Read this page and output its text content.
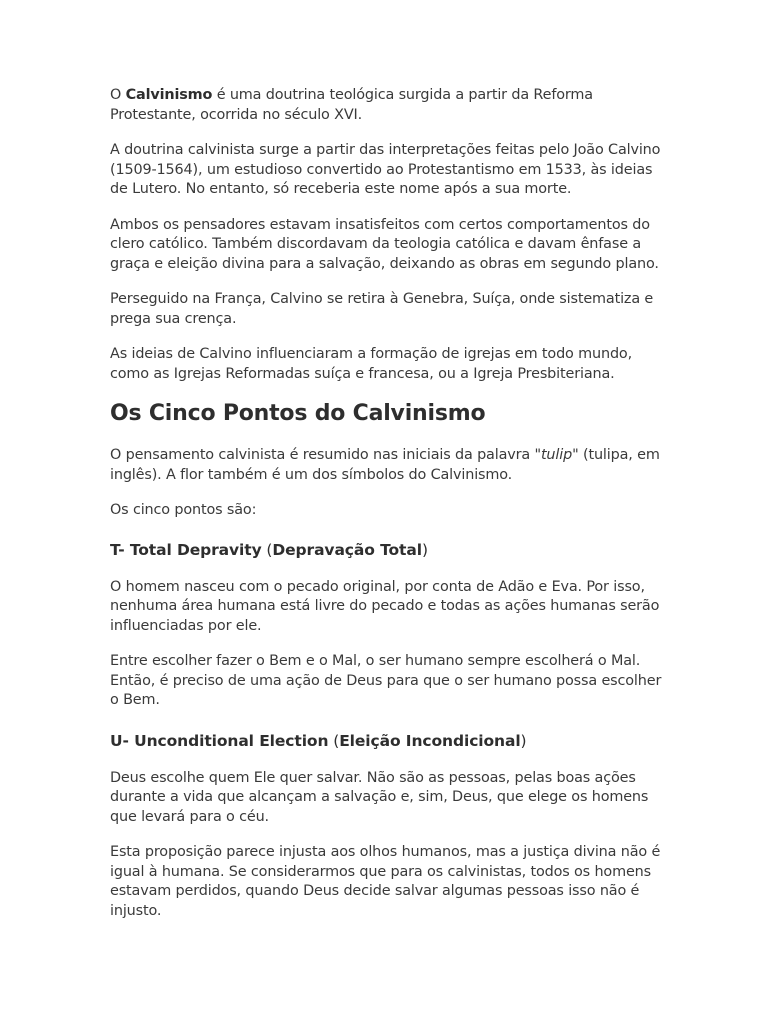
O Calvinismo é uma doutrina teológica surgida a partir da Reforma Protestante, ocorrida no século XVI.

A doutrina calvinista surge a partir das interpretações feitas pelo João Calvino (1509-1564), um estudioso convertido ao Protestantismo em 1533, às ideias de Lutero. No entanto, só receberia este nome após a sua morte.

Ambos os pensadores estavam insatisfeitos com certos comportamentos do clero católico. Também discordavam da teologia católica e davam ênfase a graça e eleição divina para a salvação, deixando as obras em segundo plano.

Perseguido na França, Calvino se retira à Genebra, Suíça, onde sistematiza e prega sua crença.

As ideias de Calvino influenciaram a formação de igrejas em todo mundo, como as Igrejas Reformadas suíça e francesa, ou a Igreja Presbiteriana.

Os Cinco Pontos do Calvinismo

O pensamento calvinista é resumido nas iniciais da palavra "tulip" (tulipa, em inglês). A flor também é um dos símbolos do Calvinismo.

Os cinco pontos são:

T- Total Depravity (Depravação Total)

O homem nasceu com o pecado original, por conta de Adão e Eva. Por isso, nenhuma área humana está livre do pecado e todas as ações humanas serão influenciadas por ele.

Entre escolher fazer o Bem e o Mal, o ser humano sempre escolherá o Mal. Então, é preciso de uma ação de Deus para que o ser humano possa escolher o Bem.

U- Unconditional Election (Eleição Incondicional)

Deus escolhe quem Ele quer salvar. Não são as pessoas, pelas boas ações durante a vida que alcançam a salvação e, sim, Deus, que elege os homens que levará para o céu.

Esta proposição parece injusta aos olhos humanos, mas a justiça divina não é igual à humana. Se considerarmos que para os calvinistas, todos os homens estavam perdidos, quando Deus decide salvar algumas pessoas isso não é injusto.
